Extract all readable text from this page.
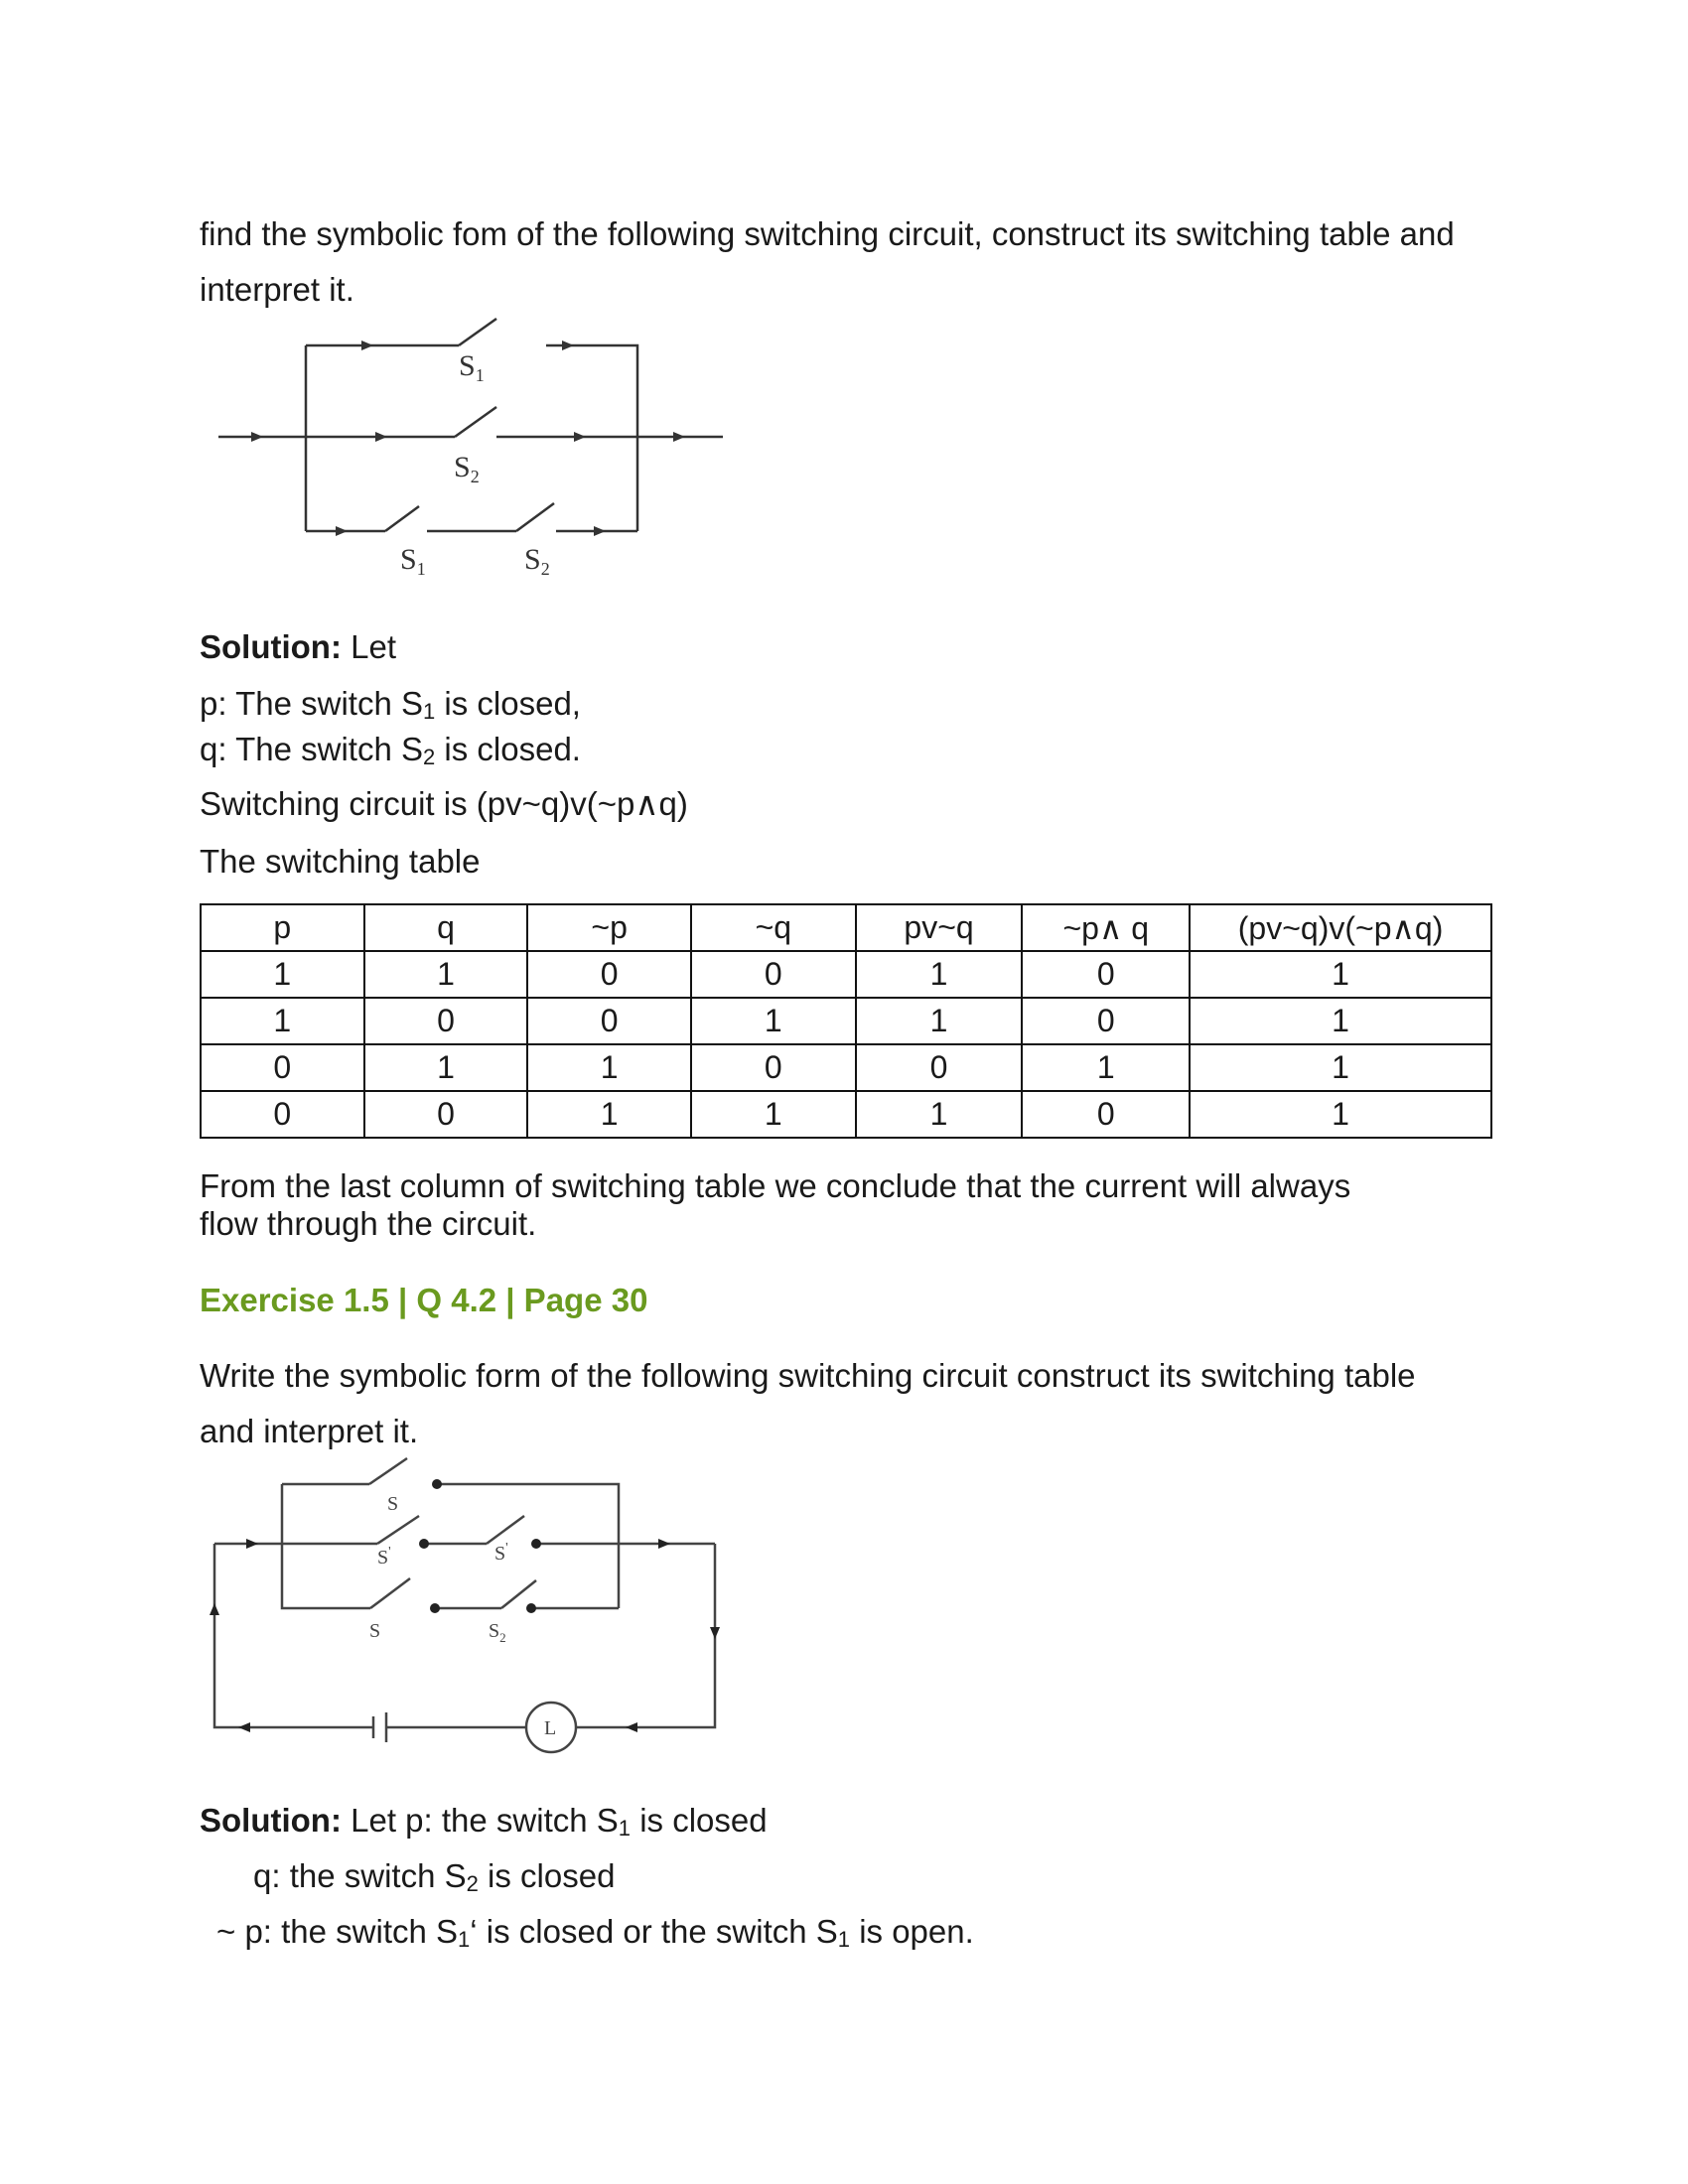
find the symbolic fom of the following switching circuit, construct its switching table and
interpret it.
$S_1$
$S_2$
$S_1$	$S_2$
Solution: Let
p: The switch $S_1$ is closed,
q: The switch $S_2$ is closed.
Switching circuit is (pv~q)v(~p∧q)
The switching table
p	q	~p	~q	pv~q	~p∧ q	(pv~q)v(~p∧q)
1	1	0	0	1	0	1
1	0	0	1	1	0	1
0	1	1	0	0	1	1
0	0	1	1	1	0	1
From the last column of switching table we conclude that the current will always
flow through the circuit.
Exercise 1.5 | Q 4.2 | Page 30
Write the symbolic form of the following switching circuit construct its switching table
and interpret it.
S
S'	S'
S	$S_2$
L
Solution: Let p: the switch $S_1$ is closed
q: the switch $S_2$ is closed
~ p: the switch $S_1‘$ is closed or the switch $S_1$ is open.
